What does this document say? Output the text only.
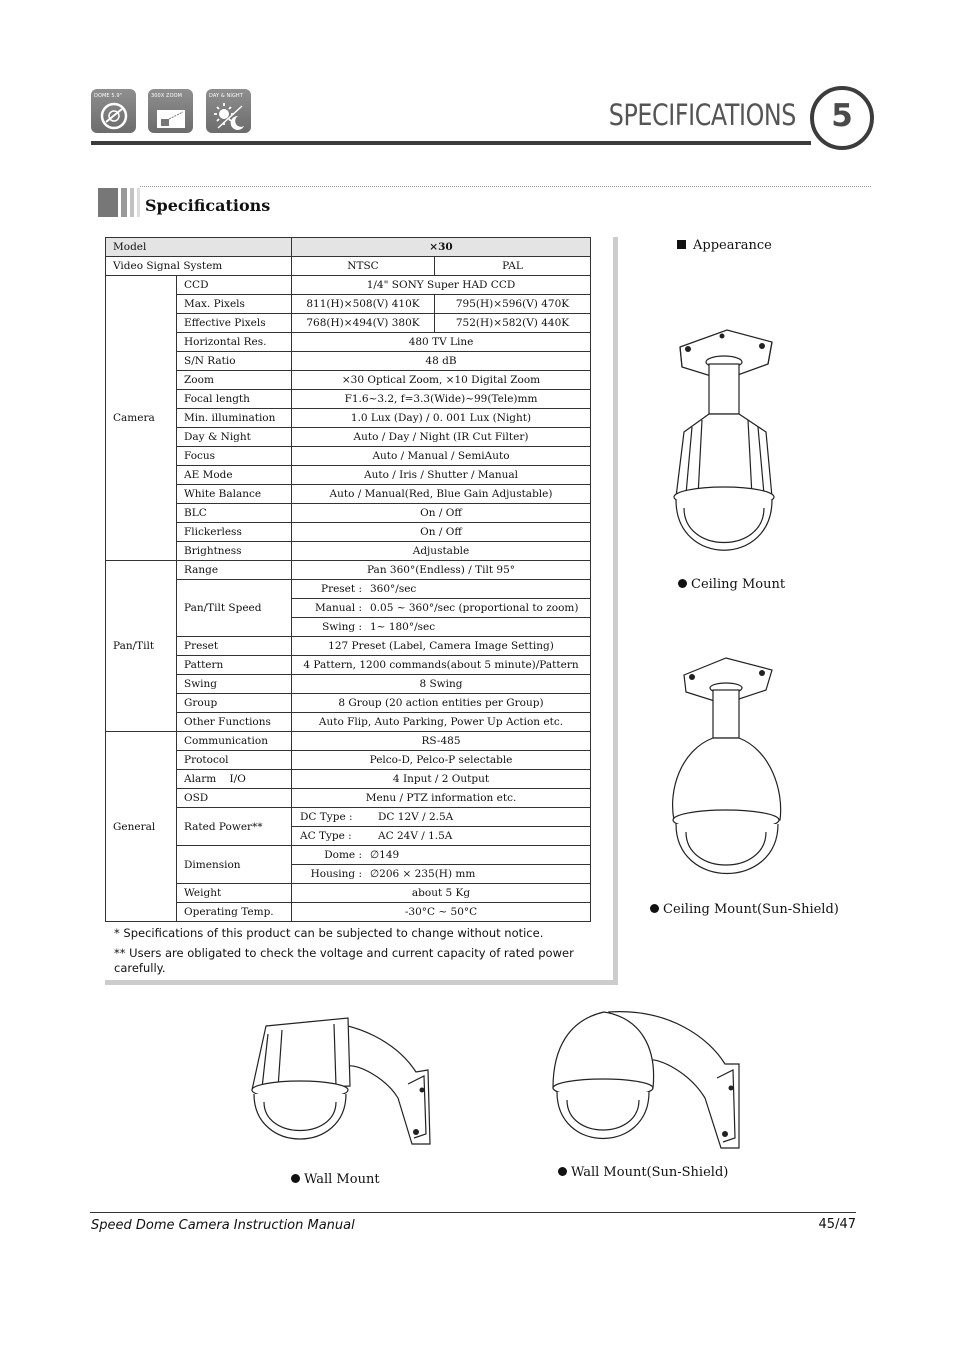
DOME 5.9"	300X ZOOM	DAY & NIGHT
SPECIFICATIONS	5
Specifications
Model		×30	
Video Signal System		NTSC	PAL
Camera	CCD	1/4" SONY Super HAD CCD	
	Max. Pixels	811(H)×508(V) 410K	795(H)×596(V) 470K
	Effective Pixels	768(H)×494(V) 380K	752(H)×582(V) 440K
	Horizontal Res.	480 TV Line	
	S/N Ratio	48 dB	
	Zoom	×30 Optical Zoom, ×10 Digital Zoom	
	Focal length	F1.6~3.2, f=3.3(Wide)~99(Tele)mm	
	Min. illumination	1.0 Lux (Day) / 0. 001 Lux (Night)	
	Day & Night	Auto / Day / Night (IR Cut Filter)	
	Focus	Auto / Manual / SemiAuto	
	AE Mode	Auto / Iris / Shutter / Manual	
	White Balance	Auto / Manual(Red, Blue Gain Adjustable)	
	BLC	On / Off	
	Flickerless	On / Off	
	Brightness	Adjustable	
Pan/Tilt	Range	Pan 360°(Endless) / Tilt 95°	
	Pan/Tilt Speed	Preset : 360°/sec	
		Manual : 0.05 ~ 360°/sec (proportional to zoom)	
		Swing : 1~ 180°/sec	
	Preset	127 Preset (Label, Camera Image Setting)	
	Pattern	4 Pattern, 1200 commands(about 5 minute)/Pattern	
	Swing	8 Swing	
	Group	8 Group (20 action entities per Group)	
	Other Functions	Auto Flip, Auto Parking, Power Up Action etc.	
General	Communication	RS-485	
	Protocol	Pelco-D, Pelco-P selectable	
	Alarm    I/O	4 Input / 2 Output	
	OSD	Menu / PTZ information etc.	
	Rated Power**	DC Type : DC 12V / 2.5A	
		AC Type : AC 24V / 1.5A	
	Dimension	Dome : ∅149	
		Housing : ∅206 × 235(H) mm	
	Weight	about 5 Kg	
	Operating Temp.	-30°C ~ 50°C	
* Specifications of this product can be subjected to change without notice.
** Users are obligated to check the voltage and current capacity of rated power carefully.
Appearance
Ceiling Mount
Ceiling Mount(Sun-Shield)
Wall Mount	Wall Mount(Sun-Shield)
Speed Dome Camera Instruction Manual	45/47
